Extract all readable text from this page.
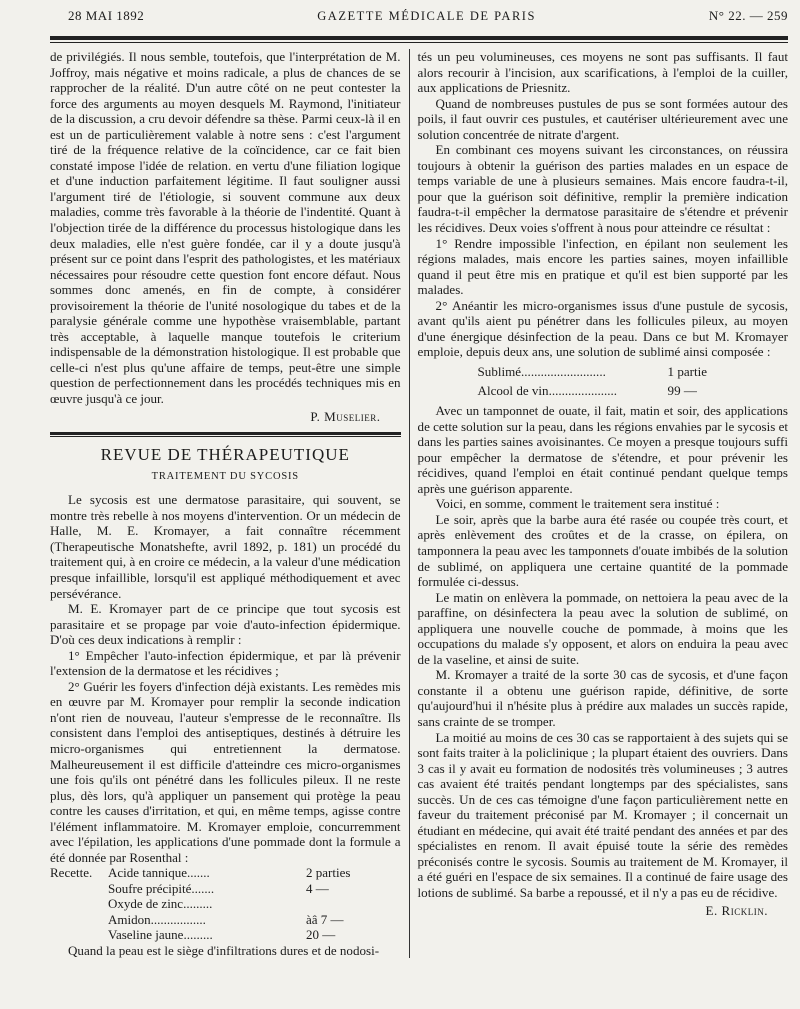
28 MAI 1892	GAZETTE MÉDICALE DE PARIS	N° 22. — 259

de privilégiés. Il nous semble, toutefois, que l'interprétation de M. Joffroy, mais négative et moins radicale, a plus de chances de se rapprocher de la réalité. D'un autre côté on ne peut contester la force des arguments au moyen desquels M. Raymond, l'initiateur de la discussion, a cru devoir défendre sa thèse. Parmi ceux-là il en est un de particulièrement valable à notre sens : c'est l'argument tiré de la fréquence relative de la coïncidence, car ce fait bien constaté impose l'idée de relation. en vertu d'une filiation logique et d'une induction parfaitement légitime. Il faut souligner aussi l'argument tiré de l'étiologie, si souvent commune aux deux maladies, comme très favorable à la théorie de l'indentité. Quant à l'objection tirée de la différence du processus histologique dans les deux maladies, elle n'est guère fondée, car il y a doute jusqu'à présent sur ce point dans l'esprit des pathologistes, et les matériaux nécessaires pour résoudre cette question font encore défaut. Nous sommes donc amenés, en fin de compte, à considérer provisoirement la théorie de l'unité nosologique du tabes et de la paralysie générale comme une hypothèse vraisemblable, partant très acceptable, à laquelle manque toutefois le criterium indispensable de la démonstration histologique. Il est probable que celle-ci n'est plus qu'une affaire de temps, peut-être une simple question de perfectionnement dans les procédés techniques mis en œuvre jusqu'à ce jour.

P. Muselier.
REVUE DE THÉRAPEUTIQUE
TRAITEMENT DU SYCOSIS

Le sycosis est une dermatose parasitaire, qui souvent, se montre très rebelle à nos moyens d'intervention. Or un médecin de Halle, M. E. Kromayer, a fait connaître récemment (Therapeutische Monatshefte, avril 1892, p. 181) un procédé du traitement qui, à en croire ce médecin, a la valeur d'une médication presque infaillible, lorsqu'il est appliqué méthodiquement et avec persévérance.

M. E. Kromayer part de ce principe que tout sycosis est parasitaire et se propage par voie d'auto-infection épidermique. D'où ces deux indications à remplir :

1° Empêcher l'auto-infection épidermique, et par là prévenir l'extension de la dermatose et les récidives ;

2° Guérir les foyers d'infection déjà existants. Les remèdes mis en œuvre par M. Kromayer pour remplir la seconde indication n'ont rien de nouveau, l'auteur s'empresse de le reconnaître. Ils consistent dans l'emploi des antiseptiques, destinés à détruire les micro-organismes qui entretiennent la dermatose. Malheureusement il est difficile d'atteindre ces micro-organismes une fois qu'ils ont pénétré dans les follicules pileux. Il ne reste plus, dès lors, qu'à appliquer un pansement qui protège la peau contre les causes d'irritation, et qui, en même temps, agisse contre l'élément inflammatoire. M. Kromayer emploie, concurremment avec l'épilation, les applications d'une pommade dont la formule a été donnée par Rosenthal :

Recette.	Acide tannique.......	2 parties
Soufre précipité.......	4 —
Oxyde de zinc.........
Amidon.................	àâ 7 —
Vaseline jaune.........	20 —

Quand la peau est le siège d'infiltrations dures et de nodosi-

tés un peu volumineuses, ces moyens ne sont pas suffisants. Il faut alors recourir à l'incision, aux scarifications, à l'emploi de la cuiller, aux applications de Priesnitz.

Quand de nombreuses pustules de pus se sont formées autour des poils, il faut ouvrir ces pustules, et cautériser ultérieurement avec une solution concentrée de nitrate d'argent.

En combinant ces moyens suivant les circonstances, on réussira toujours à obtenir la guérison des parties malades en un espace de temps variable de une à plusieurs semaines. Mais encore faudra-t-il, pour que la guérison soit définitive, remplir la première indication faudra-t-il empêcher la dermatose parasitaire de s'étendre et prévenir les récidives. Deux voies s'offrent à nous pour atteindre ce résultat :

1° Rendre impossible l'infection, en épilant non seulement les régions malades, mais encore les parties saines, moyen infaillible quand il peut être mis en pratique et qu'il est bien supporté par les malades.

2° Anéantir les micro-organismes issus d'une pustule de sycosis, avant qu'ils aient pu pénétrer dans les follicules pileux, au moyen d'une énergique désinfection de la peau. Dans ce but M. Kromayer emploie, depuis deux ans, une solution de sublimé ainsi composée :

Sublimé..........................	1 partie
Alcool de vin.....................	99 —

Avec un tamponnet de ouate, il fait, matin et soir, des applications de cette solution sur la peau, dans les régions envahies par le sycosis et dans les parties saines avoisinantes. Ce moyen a presque toujours suffi pour empêcher la dermatose de s'étendre, et pour prévenir les récidives, quand l'emploi en était continué pendant quelque temps après une guérison apparente.

Voici, en somme, comment le traitement sera institué :

Le soir, après que la barbe aura été rasée ou coupée très court, et après enlèvement des croûtes et de la crasse, on épilera, on tamponnera la peau avec les tamponnets d'ouate imbibés de la solution de sublimé, on appliquera une certaine quantité de la pommade formulée ci-dessus.

Le matin on enlèvera la pommade, on nettoiera la peau avec de la paraffine, on désinfectera la peau avec la solution de sublimé, on appliquera une nouvelle couche de pommade, à moins que les occupations du malade s'y opposent, et alors on enduira la peau avec de la vaseline, et ainsi de suite.

M. Kromayer a traité de la sorte 30 cas de sycosis, et d'une façon constante il a obtenu une guérison rapide, définitive, de sorte qu'aujourd'hui il n'hésite plus à prédire aux malades un succès rapide, sans crainte de se tromper.

La moitié au moins de ces 30 cas se rapportaient à des sujets qui se sont faits traiter à la policlinique ; la plupart étaient des ouvriers. Dans 3 cas il y avait eu formation de nodosités très volumineuses ; 3 autres cas avaient été traités pendant longtemps par des spécialistes, sans succès. Un de ces cas témoigne d'une façon particulièrement nette en faveur du traitement préconisé par M. Kromayer ; il concernait un étudiant en médecine, qui avait été traité pendant des années et par des spécialistes en renom. Il avait épuisé toute la série des remèdes préconisés contre le sycosis. Soumis au traitement de M. Kromayer, il a été guéri en l'espace de six semaines. Il a continué de faire usage des lotions de sublimé. Sa barbe a repoussé, et il n'y a pas eu de récidive.

E. Ricklin.
